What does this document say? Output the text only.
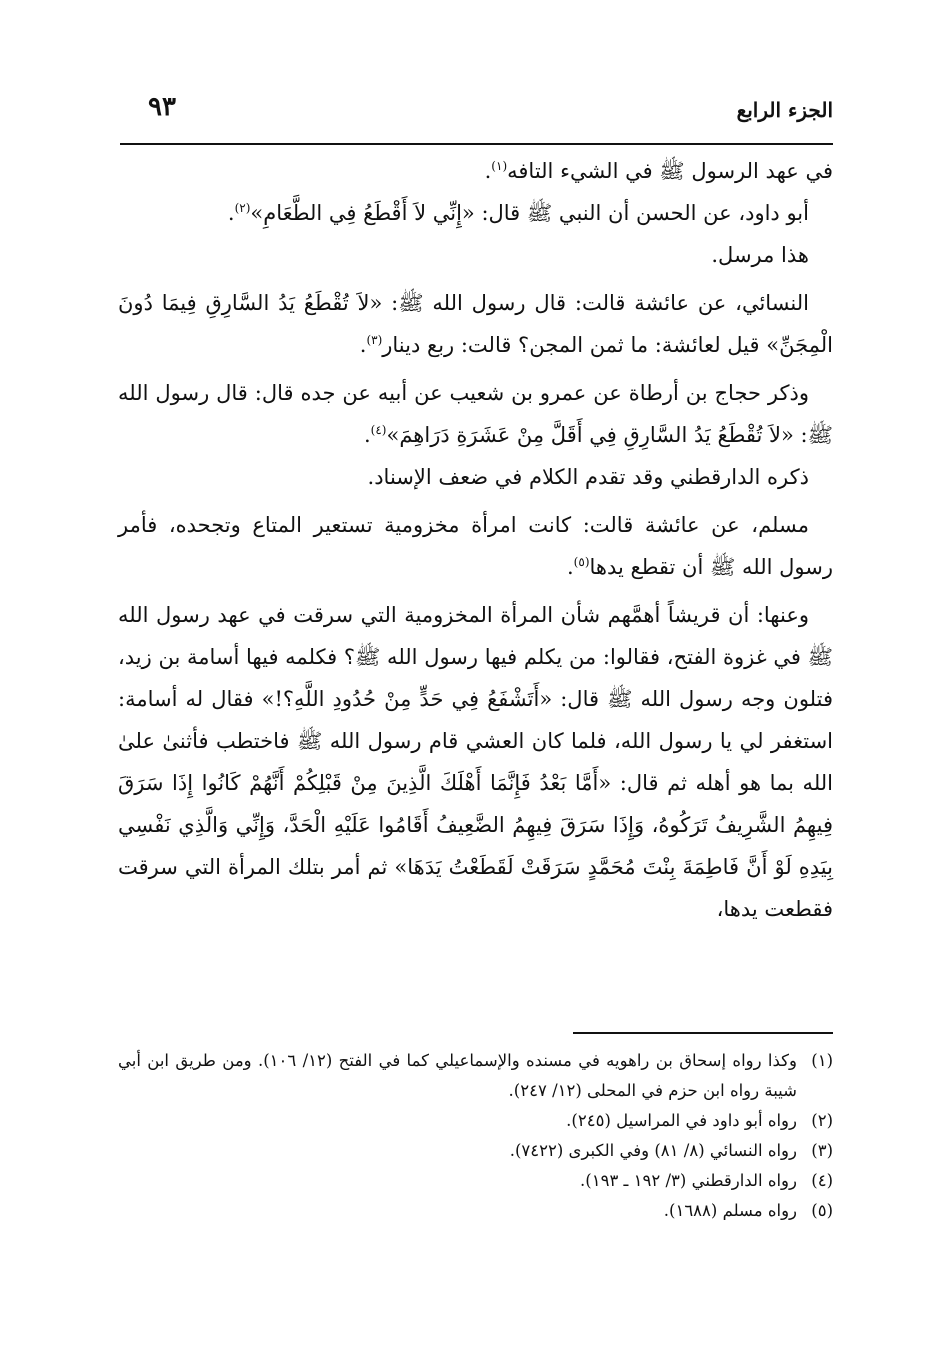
الجزء الرابع
٩٣

في عهد الرسول ﷺ في الشيء التافه$^{(١)}$.

أبو داود، عن الحسن أن النبي ﷺ قال: «إِنِّي لاَ أَقْطَعُ فِي الطَّعَامِ»$^{(٢)}$.

هذا مرسل.

النسائي، عن عائشة قالت: قال رسول الله ﷺ: «لاَ تُقْطَعُ يَدُ السَّارِقِ فِيمَا دُونَ الْمِجَنِّ» قيل لعائشة: ما ثمن المجن؟ قالت: ربع دينار$^{(٣)}$.

وذكر حجاج بن أرطاة عن عمرو بن شعيب عن أبيه عن جده قال: قال رسول الله ﷺ: «لاَ تُقْطَعُ يَدُ السَّارِقِ فِي أَقَلَّ مِنْ عَشَرَةِ دَرَاهِمَ»$^{(٤)}$.

ذكره الدارقطني وقد تقدم الكلام في ضعف الإسناد.

مسلم، عن عائشة قالت: كانت امرأة مخزومية تستعير المتاع وتجحده، فأمر رسول الله ﷺ أن تقطع يدها$^{(٥)}$.

وعنها: أن قريشاً أهمَّهم شأن المرأة المخزومية التي سرقت في عهد رسول الله ﷺ في غزوة الفتح، فقالوا: من يكلم فيها رسول الله ﷺ؟ فكلمه فيها أسامة بن زيد، فتلون وجه رسول الله ﷺ قال: «أَتَشْفَعُ فِي حَدٍّ مِنْ حُدُودِ اللَّهِ؟!» فقال له أسامة: استغفر لي يا رسول الله، فلما كان العشي قام رسول الله ﷺ فاختطب فأثنىٰ علىٰ الله بما هو أهله ثم قال: «أَمَّا بَعْدُ فَإِنَّمَا أَهْلَكَ الَّذِينَ مِنْ قَبْلِكُمْ أَنَّهُمْ كَانُوا إِذَا سَرَقَ فِيهِمُ الشَّرِيفُ تَرَكُوهُ، وَإِذَا سَرَقَ فِيهِمُ الضَّعِيفُ أَقَامُوا عَلَيْهِ الْحَدَّ، وَإِنِّي وَالَّذِي نَفْسِي بِيَدِهِ لَوْ أَنَّ فَاطِمَةَ بِنْتَ مُحَمَّدٍ سَرَقَتْ لَقَطَعْتُ يَدَهَا» ثم أمر بتلك المرأة التي سرقت فقطعت يدها،

(١)
وكذا رواه إسحاق بن راهويه في مسنده والإسماعيلي كما في الفتح (١٢/ ١٠٦). ومن طريق ابن أبي شيبة رواه ابن حزم في المحلى (١٢/ ٢٤٧).
(٢)
رواه أبو داود في المراسيل (٢٤٥).
(٣)
رواه النسائي (٨/ ٨١) وفي الكبرى (٧٤٢٢).
(٤)
رواه الدارقطني (٣/ ١٩٢ ـ ١٩٣).
(٥)
رواه مسلم (١٦٨٨).
